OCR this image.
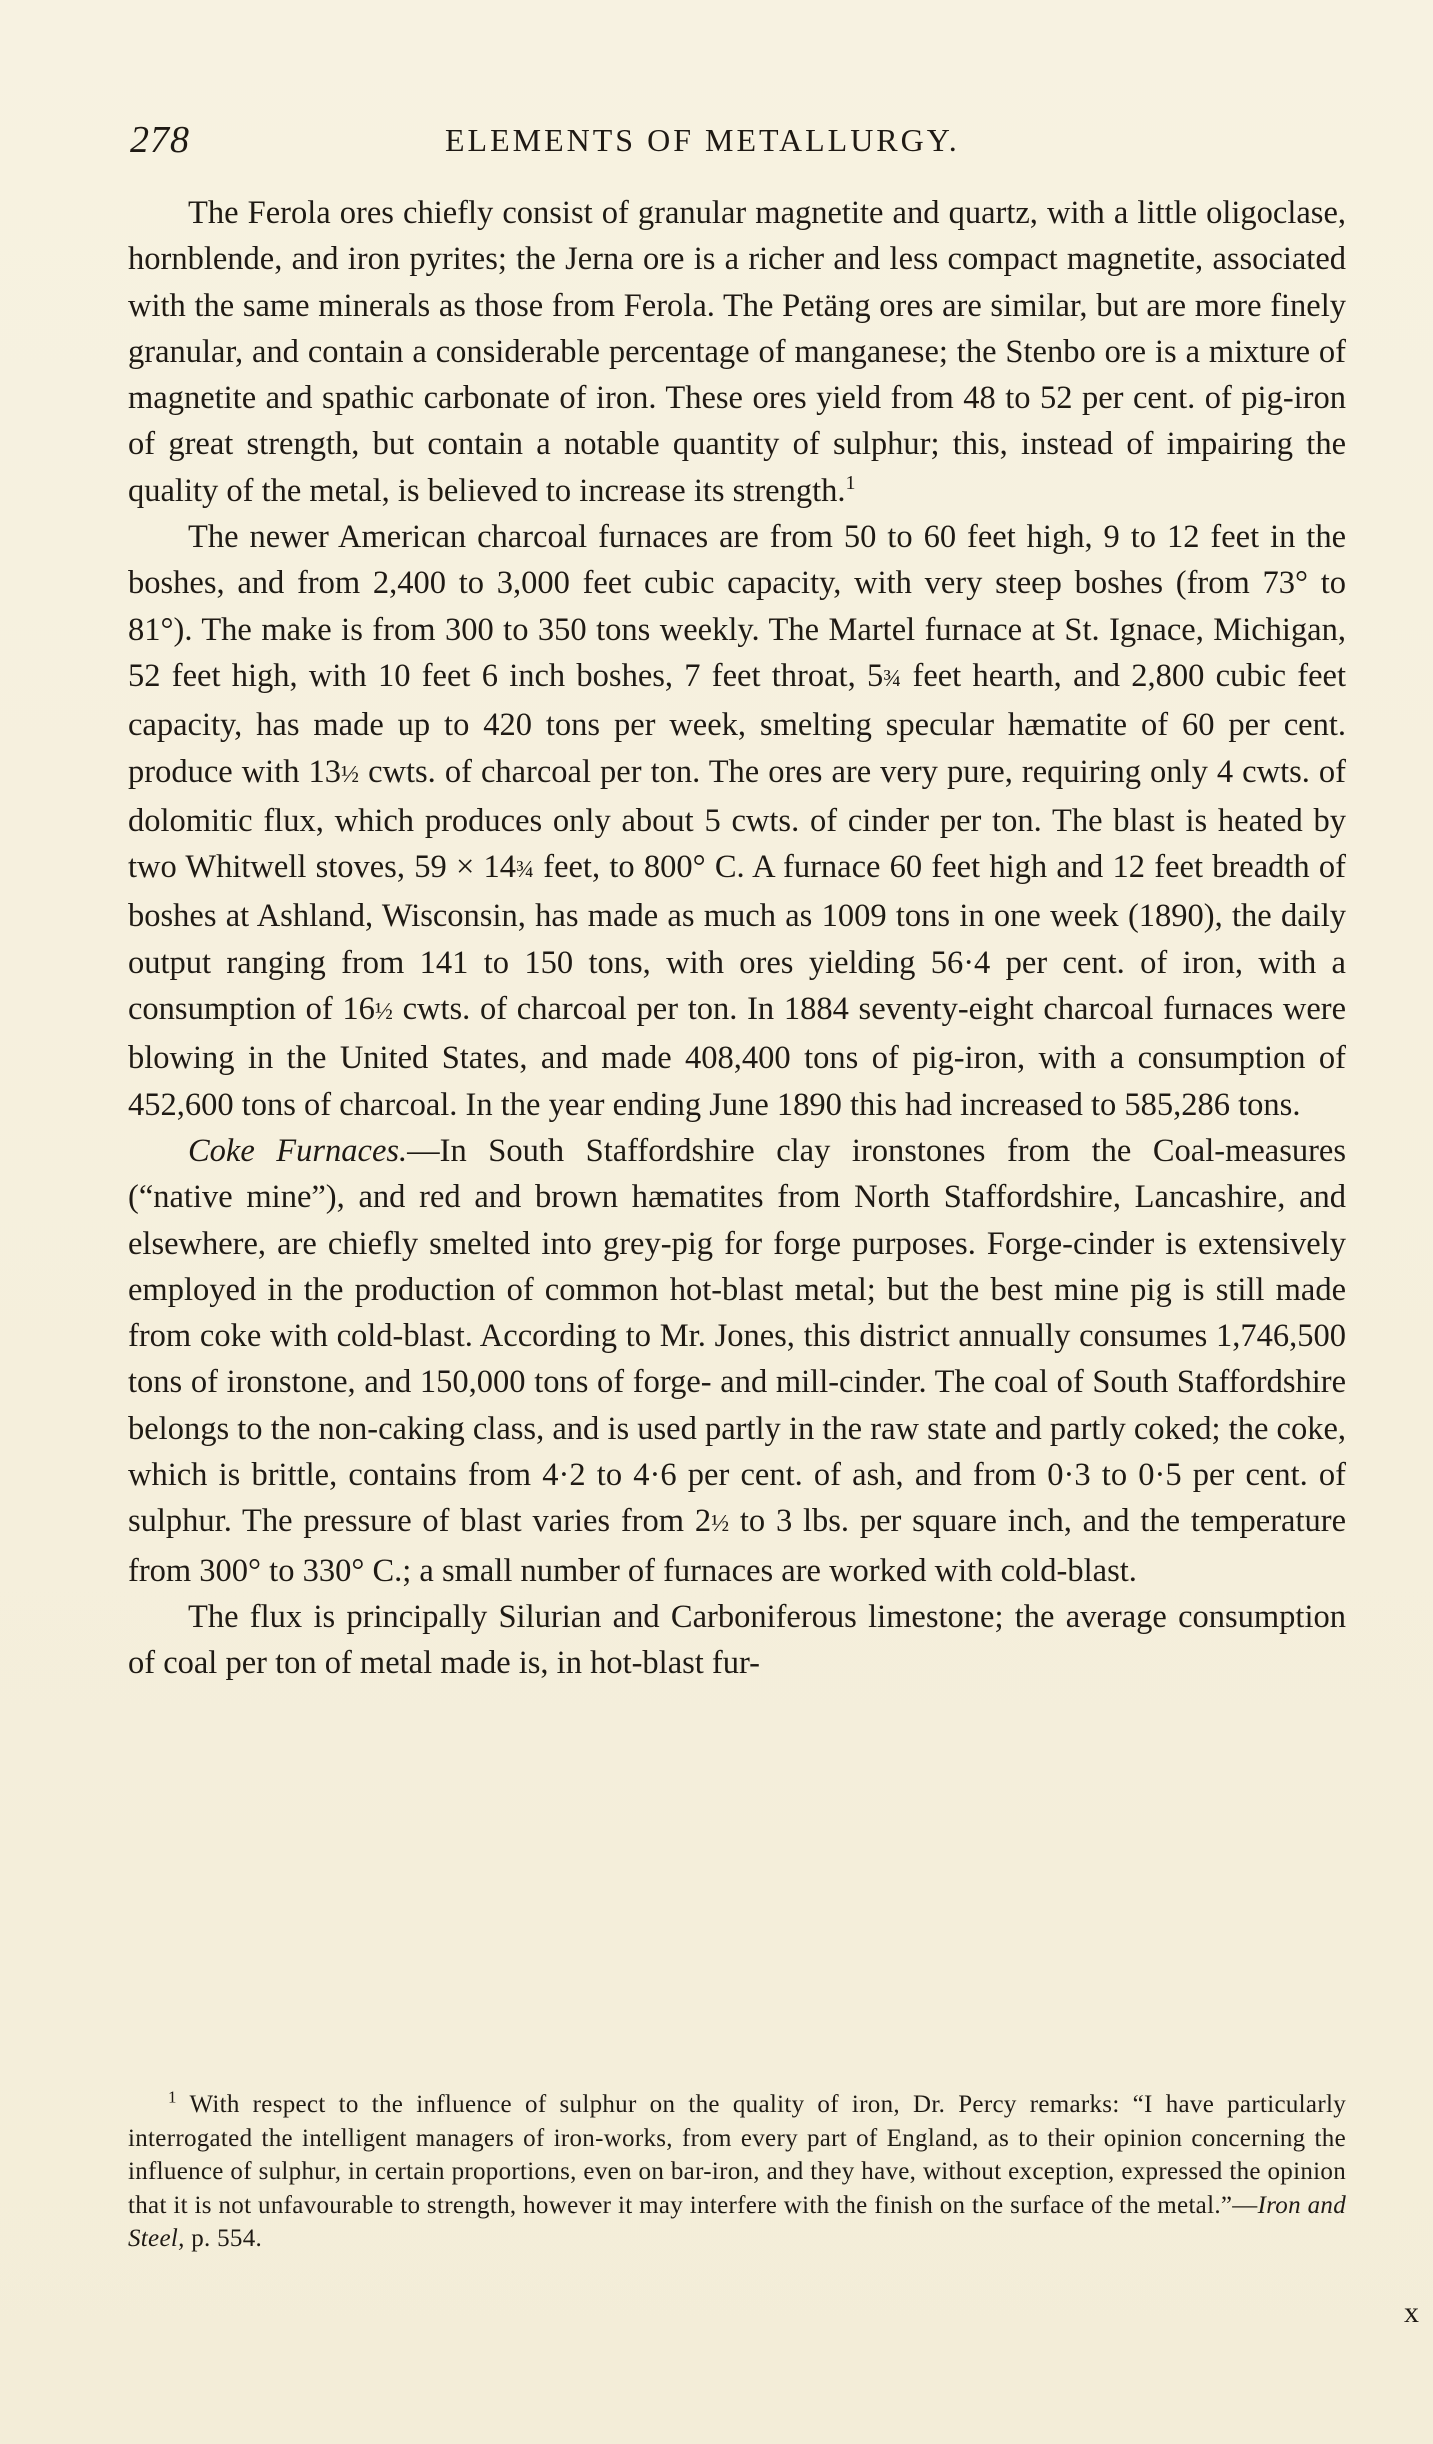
278	ELEMENTS OF METALLURGY.

The Ferola ores chiefly consist of granular magnetite and quartz, with a little oligoclase, hornblende, and iron pyrites; the Jerna ore is a richer and less compact magnetite, associated with the same minerals as those from Ferola. The Petäng ores are similar, but are more finely granular, and contain a considerable percentage of manganese; the Stenbo ore is a mixture of magnetite and spathic carbonate of iron. These ores yield from 48 to 52 per cent. of pig-iron of great strength, but contain a notable quantity of sulphur; this, instead of impairing the quality of the metal, is believed to increase its strength.$^1$

The newer American charcoal furnaces are from 50 to 60 feet high, 9 to 12 feet in the boshes, and from 2,400 to 3,000 feet cubic capacity, with very steep boshes (from 73° to 81°). The make is from 300 to 350 tons weekly. The Martel furnace at St. Ignace, Michigan, 52 feet high, with 10 feet 6 inch boshes, 7 feet throat, 5¾ feet hearth, and 2,800 cubic feet capacity, has made up to 420 tons per week, smelting specular hæmatite of 60 per cent. produce with 13½ cwts. of charcoal per ton. The ores are very pure, requiring only 4 cwts. of dolomitic flux, which produces only about 5 cwts. of cinder per ton. The blast is heated by two Whitwell stoves, 59 × 14¾ feet, to 800° C. A furnace 60 feet high and 12 feet breadth of boshes at Ashland, Wisconsin, has made as much as 1009 tons in one week (1890), the daily output ranging from 141 to 150 tons, with ores yielding 56·4 per cent. of iron, with a consumption of 16½ cwts. of charcoal per ton. In 1884 seventy-eight charcoal furnaces were blowing in the United States, and made 408,400 tons of pig-iron, with a consumption of 452,600 tons of charcoal. In the year ending June 1890 this had increased to 585,286 tons.

Coke Furnaces.—In South Staffordshire clay ironstones from the Coal-measures (“native mine”), and red and brown hæmatites from North Staffordshire, Lancashire, and elsewhere, are chiefly smelted into grey-pig for forge purposes. Forge-cinder is extensively employed in the production of common hot-blast metal; but the best mine pig is still made from coke with cold-blast. According to Mr. Jones, this district annually consumes 1,746,500 tons of ironstone, and 150,000 tons of forge- and mill-cinder. The coal of South Staffordshire belongs to the non-caking class, and is used partly in the raw state and partly coked; the coke, which is brittle, contains from 4·2 to 4·6 per cent. of ash, and from 0·3 to 0·5 per cent. of sulphur. The pressure of blast varies from 2½ to 3 lbs. per square inch, and the temperature from 300° to 330° C.; a small number of furnaces are worked with cold-blast.

The flux is principally Silurian and Carboniferous limestone; the average consumption of coal per ton of metal made is, in hot-blast fur-

$^1$ With respect to the influence of sulphur on the quality of iron, Dr. Percy remarks: “I have particularly interrogated the intelligent managers of iron-works, from every part of England, as to their opinion concerning the influence of sulphur, in certain proportions, even on bar-iron, and they have, without exception, expressed the opinion that it is not unfavourable to strength, however it may interfere with the finish on the surface of the metal.”—Iron and Steel, p. 554.

x
